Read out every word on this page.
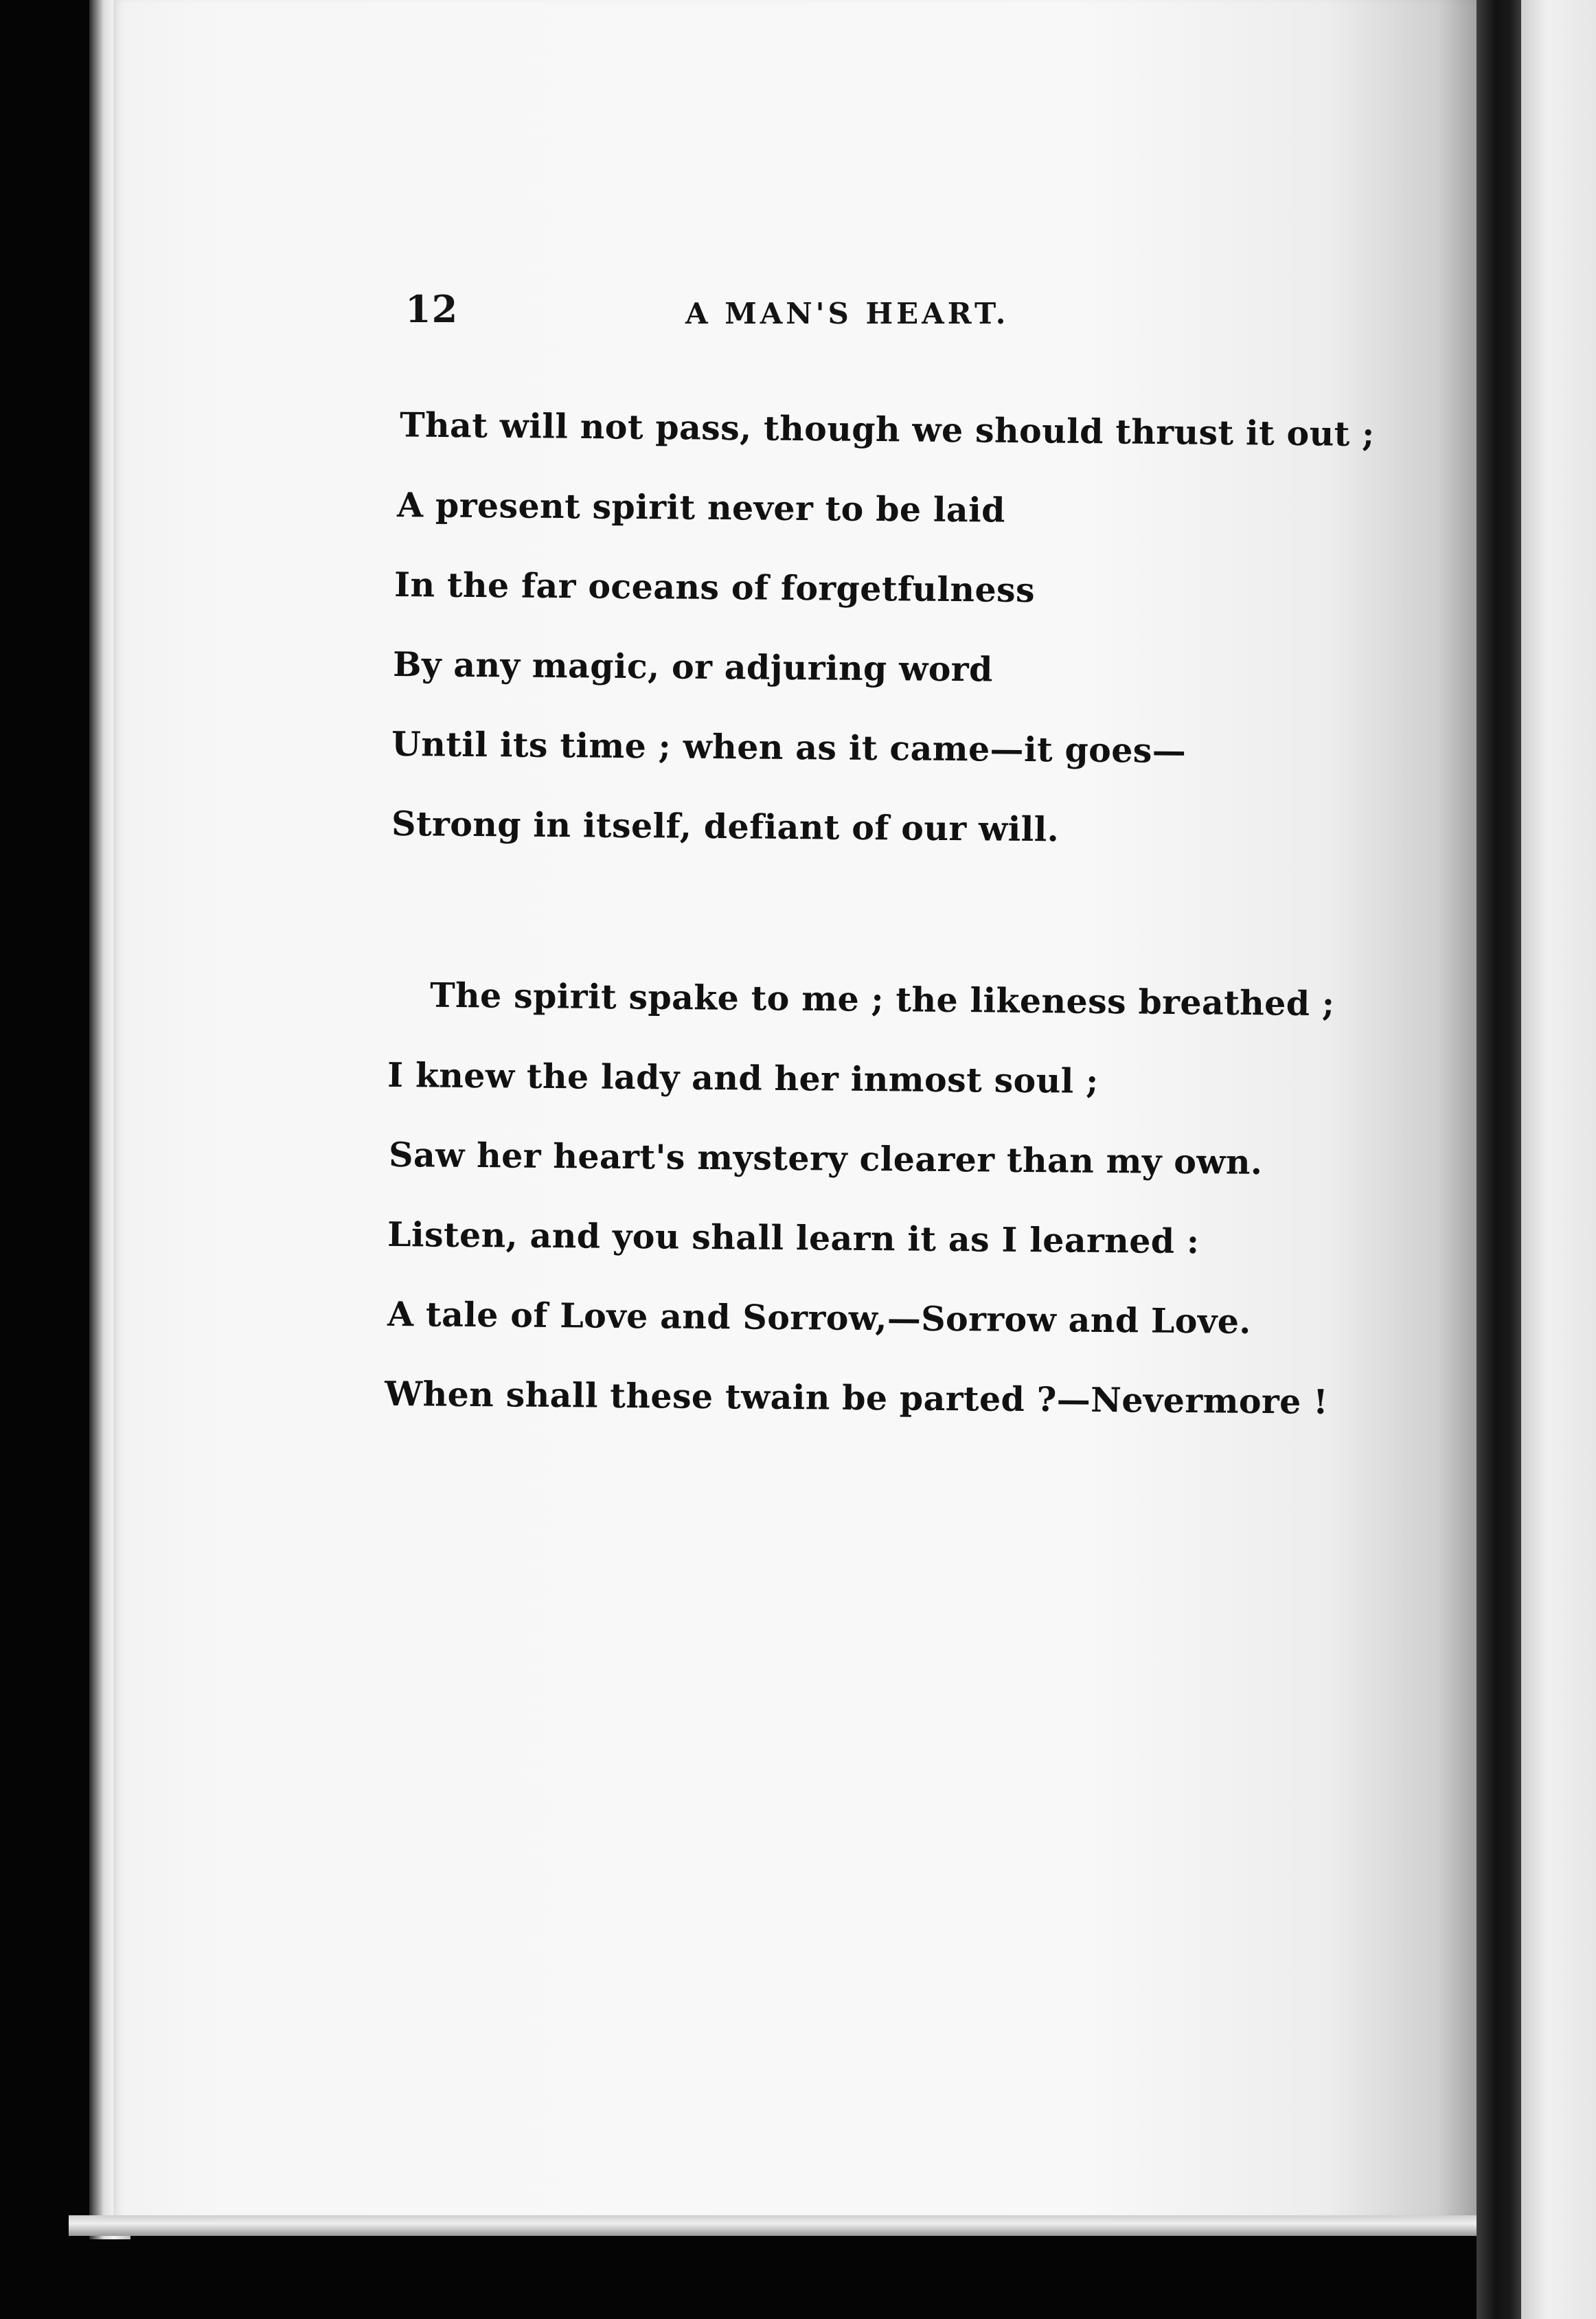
12	A MAN'S HEART.
That will not pass, though we should thrust it out ;
A present spirit never to be laid
In the far oceans of forgetfulness
By any magic, or adjuring word
Until its time ; when as it came—it goes—
Strong in itself, defiant of our will.
The spirit spake to me ; the likeness breathed ;
I knew the lady and her inmost soul ;
Saw her heart's mystery clearer than my own.
Listen, and you shall learn it as I learned :
A tale of Love and Sorrow,—Sorrow and Love.
When shall these twain be parted ?—Nevermore !
